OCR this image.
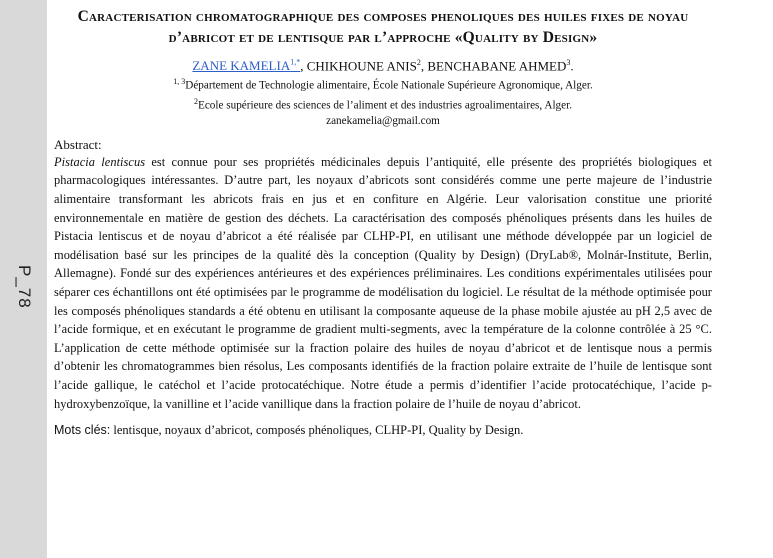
P_78
Caracterisation chromatographique des composes phenoliques des huiles fixes de noyau d’abricot et de lentisque par l’approche «Quality by Design»

ZANE $KAMELIA^{1,*}$, CHIKHOUNE ANIS$^2$, BENCHABANE AHMED$^3$.

$^{1, 3}$Département de Technologie alimentaire, École Nationale Supérieure Agronomique, Alger.

$^2$Ecole supérieure des sciences de l’aliment et des industries agroalimentaires, Alger.

zanekamelia@gmail.com

Abstract:

Pistacia lentiscus est connue pour ses propriétés médicinales depuis l’antiquité, elle présente des propriétés biologiques et pharmacologiques intéressantes. D’autre part, les noyaux d’abricots sont considérés comme une perte majeure de l’industrie alimentaire transformant les abricots frais en jus et en confiture en Algérie. Leur valorisation constitue une priorité environnementale en matière de gestion des déchets. La caractérisation des composés phénoliques présents dans les huiles de Pistacia lentiscus et de noyau d’abricot a été réalisée par CLHP-PI, en utilisant une méthode développée par un logiciel de modélisation basé sur les principes de la qualité dès la conception (Quality by Design) (DryLab®, Molnár-Institute, Berlin, Allemagne). Fondé sur des expériences antérieures et des expériences préliminaires. Les conditions expérimentales utilisées pour séparer ces échantillons ont été optimisées par le programme de modélisation du logiciel. Le résultat de la méthode optimisée pour les composés phénoliques standards a été obtenu en utilisant la composante aqueuse de la phase mobile ajustée au pH 2,5 avec de l’acide formique, et en exécutant le programme de gradient multi-segments, avec la température de la colonne contrôlée à 25 °C. L’application de cette méthode optimisée sur la fraction polaire des huiles de noyau d’abricot et de lentisque nous a permis d’obtenir les chromatogrammes bien résolus, Les composants identifiés de la fraction polaire extraite de l’huile de lentisque sont l’acide gallique, le catéchol et l’acide protocatéchique. Notre étude a permis d’identifier l’acide protocatéchique, l’acide p-hydroxybenzoïque, la vanilline et l’acide vanillique dans la fraction polaire de l’huile de noyau d’abricot.

Mots clés: lentisque, noyaux d’abricot, composés phénoliques, CLHP-PI, Quality by Design.
